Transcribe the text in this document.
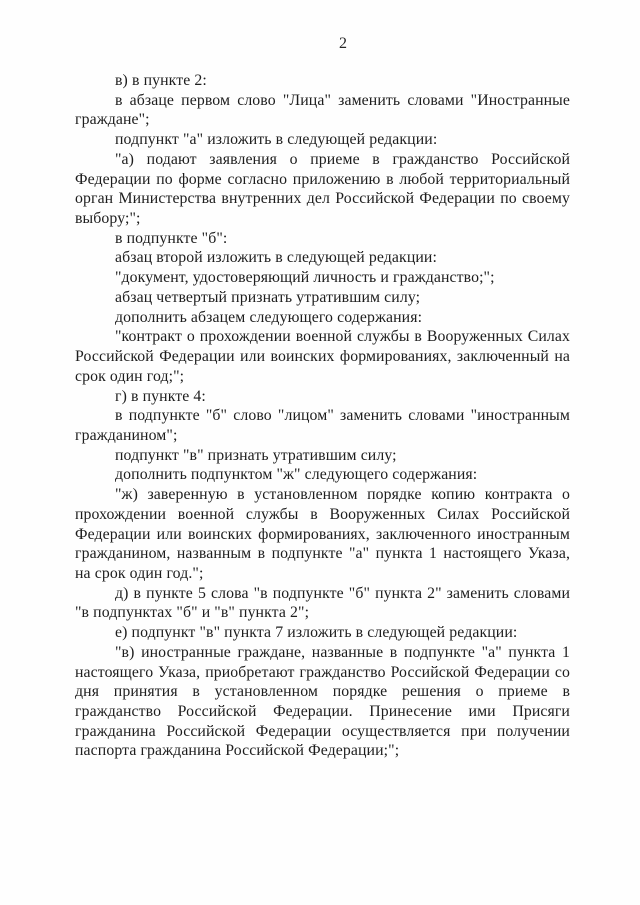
2

в) в пункте 2:

в абзаце первом слово "Лица" заменить словами "Иностранные граждане";

подпункт "а" изложить в следующей редакции:

"а) подают заявления о приеме в гражданство Российской Федерации по форме согласно приложению в любой территориальный орган Министерства внутренних дел Российской Федерации по своему выбору;";

в подпункте "б":

абзац второй изложить в следующей редакции:

"документ, удостоверяющий личность и гражданство;";

абзац четвертый признать утратившим силу;

дополнить абзацем следующего содержания:

"контракт о прохождении военной службы в Вооруженных Силах Российской Федерации или воинских формированиях, заключенный на срок один год;";

г) в пункте 4:

в подпункте "б" слово "лицом" заменить словами "иностранным гражданином";

подпункт "в" признать утратившим силу;

дополнить подпунктом "ж" следующего содержания:

"ж) заверенную в установленном порядке копию контракта о прохождении военной службы в Вооруженных Силах Российской Федерации или воинских формированиях, заключенного иностранным гражданином, названным в подпункте "а" пункта 1 настоящего Указа, на срок один год.";

д) в пункте 5 слова "в подпункте "б" пункта 2" заменить словами "в подпунктах "б" и "в" пункта 2";

е) подпункт "в" пункта 7 изложить в следующей редакции:

"в) иностранные граждане, названные в подпункте "а" пункта 1 настоящего Указа, приобретают гражданство Российской Федерации со дня принятия в установленном порядке решения о приеме в гражданство Российской Федерации. Принесение ими Присяги гражданина Российской Федерации осуществляется при получении паспорта гражданина Российской Федерации;";
